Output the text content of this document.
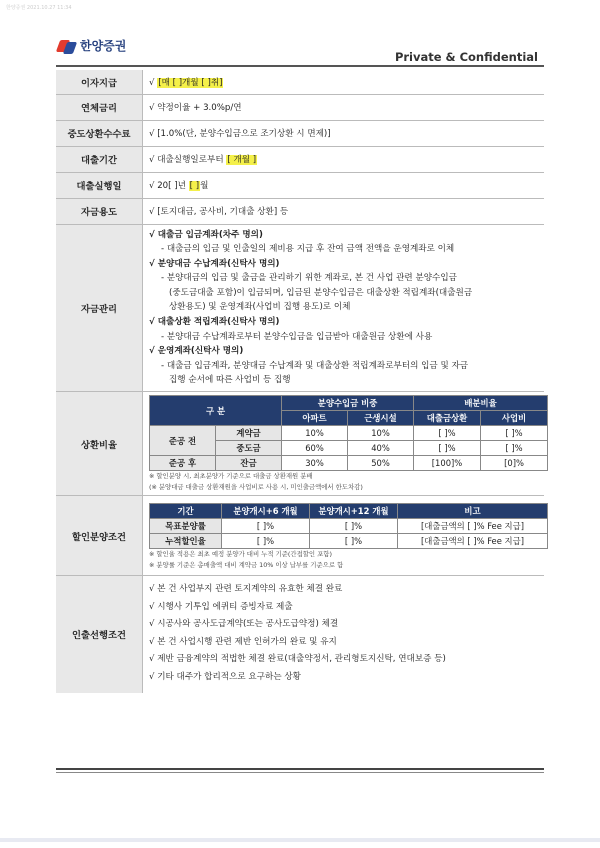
한양증권 2021.10.27 11:34
한양증권
Private & Confidential
이자지급	√ [매 [ ]개월 [ ]취]
연체금리	√ 약정이율 + 3.0%p/연
중도상환수수료	√ [1.0%(단, 분양수입금으로 조기상환 시 면제)]
대출기간	√ 대출실행일로부터 [ 개월 ]
대출실행일	√ 20[ ]년 [ ]월
자금용도	√ [토지대금, 공사비, 기대출 상환] 등
자금관리	
√ 대출금 입금계좌(차주 명의)
- 대출금의 입금 및 인출일의 제비용 지급 후 잔여 금액 전액을 운영계좌로 이체
√ 분양대금 수납계좌(신탁사 명의)
- 분양대금의 입금 및 출금을 관리하기 위한 계좌로, 본 건 사업 관련 분양수입금
(중도금대출 포함)이 입금되며, 입금된 분양수입금은 대출상환 적립계좌(대출원금
상환용도) 및 운영계좌(사업비 집행 용도)로 이체
√ 대출상환 적립계좌(신탁사 명의)
- 분양대금 수납계좌로부터 분양수입금을 입금받아 대출원금 상환에 사용
√ 운영계좌(신탁사 명의)
- 대출금 입금계좌, 분양대금 수납계좌 및 대출상환 적립계좌로부터의 입금 및 자금
집행 순서에 따른 사업비 등 집행

상환비율	
구 분	분양수입금 비중	배분비율
아파트	근생시설	대출금상환	사업비
준공 전	계약금	10%	10%	[ ]%	[ ]%
중도금	60%	40%	[ ]%	[ ]%
준공 후	잔금	30%	50%	[100]%	[0]%
※ 할인분양 시, 최초분양가 기준으로 대출금 상환재원 분배
(※ 분양대금 대출금 상환재원을 사업비로 사용 시, 미인출금액에서 한도차감)

할인분양조건	
기간	분양개시+6 개월	분양개시+12 개월	비고
목표분양률	[ ]%	[ ]%	[대출금액의 [ ]% Fee 지급]
누적할인율	[ ]%	[ ]%	[대출금액의 [ ]% Fee 지급]
※ 할인율 적용은 최초 예정 분양가 대비 누적 기준(간접할인 포함)
※ 분양률 기준은 총매출액 대비 계약금 10% 이상 납부를 기준으로 함

인출선행조건	
√ 본 건 사업부지 관련 토지계약의 유효한 체결 완료
√ 시행사 기투입 에퀴티 증빙자료 제출
√ 시공사와 공사도급계약(또는 공사도급약정) 체결
√ 본 건 사업시행 관련 제반 인허가의 완료 및 유지
√ 제반 금융계약의 적법한 체결 완료(대출약정서, 관리형토지신탁, 연대보증 등)
√ 기타 대주가 합리적으로 요구하는 상황
